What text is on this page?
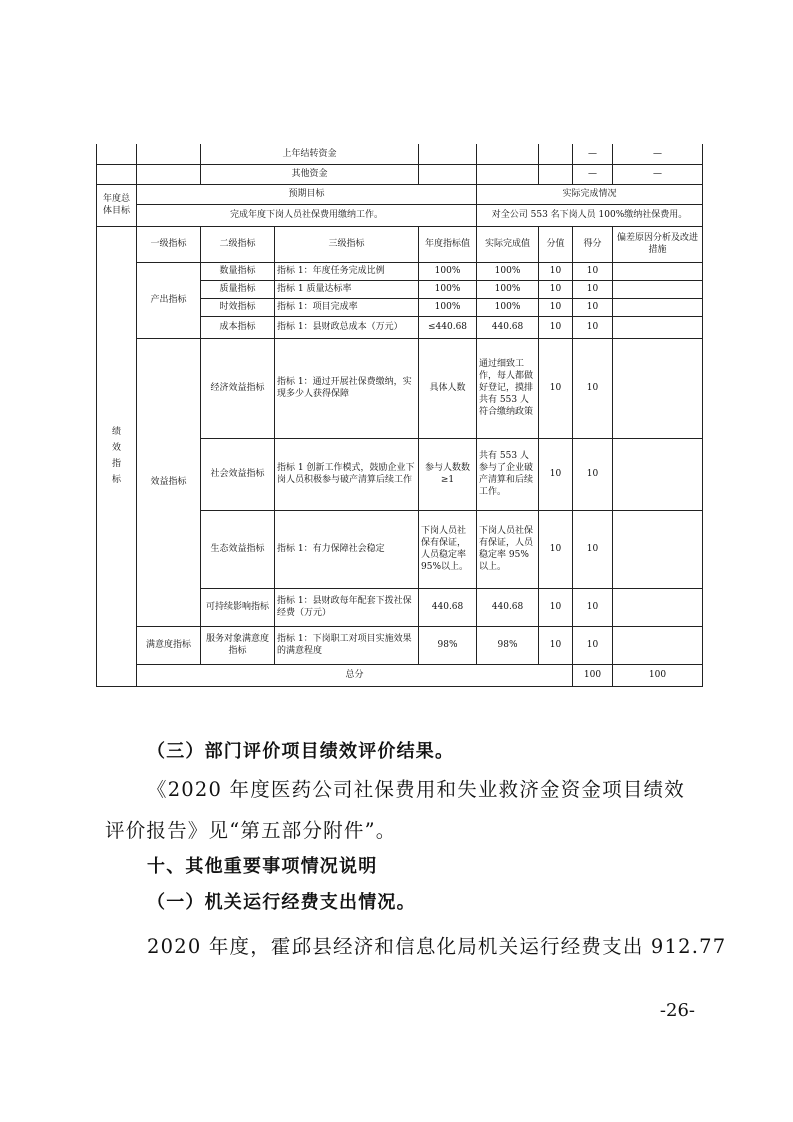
		上年结转资金					—	—	
		其他资金					—	—	
年度总体目标	预期目标				实际完成情况				
	完成年度下岗人员社保费用缴纳工作。				对全公司 553 名下岗人员 100%缴纳社保费用。				
绩效指标	一级指标	二级指标	三级指标	年度指标值	实际完成值	分值	得分	偏差原因分析及改进措施	
	产出指标	数量指标	指标 1：年度任务完成比例	100%	100%	10	10		
		质量指标	指标 1 质量达标率	100%	100%	10	10		
		时效指标	指标 1：项目完成率	100%	100%	10	10		
		成本指标	指标 1：县财政总成本（万元）	≤440.68	440.68	10	10		
	效益指标	经济效益指标	指标 1：通过开展社保费缴纳，实现多少人获得保障	具体人数	通过细致工作，每人都做好登记，摸排共有 553 人符合缴纳政策	10	10		
		社会效益指标	指标 1 创新工作模式，鼓励企业下岗人员积极参与破产清算后续工作	参与人数数≥1	共有 553 人参与了企业破产清算和后续工作。	10	10		
		生态效益指标	指标 1：有力保障社会稳定	下岗人员社保有保证，人员稳定率 95%以上。	下岗人员社保有保证，人员稳定率 95%以上。	10	10		
		可持续影响指标	指标 1：县财政每年配套下拨社保经费（万元）	440.68	440.68	10	10		
	满意度指标	服务对象满意度指标	指标 1：下岗职工对项目实施效果的满意程度	98%	98%	10	10		
	总分						100	100	
（三）部门评价项目绩效评价结果。
《2020 年度医药公司社保费用和失业救济金资金项目绩效
评价报告》见“第五部分附件”。
十、其他重要事项情况说明
（一）机关运行经费支出情况。
2020 年度，霍邱县经济和信息化局机关运行经费支出 912.77
-26-
